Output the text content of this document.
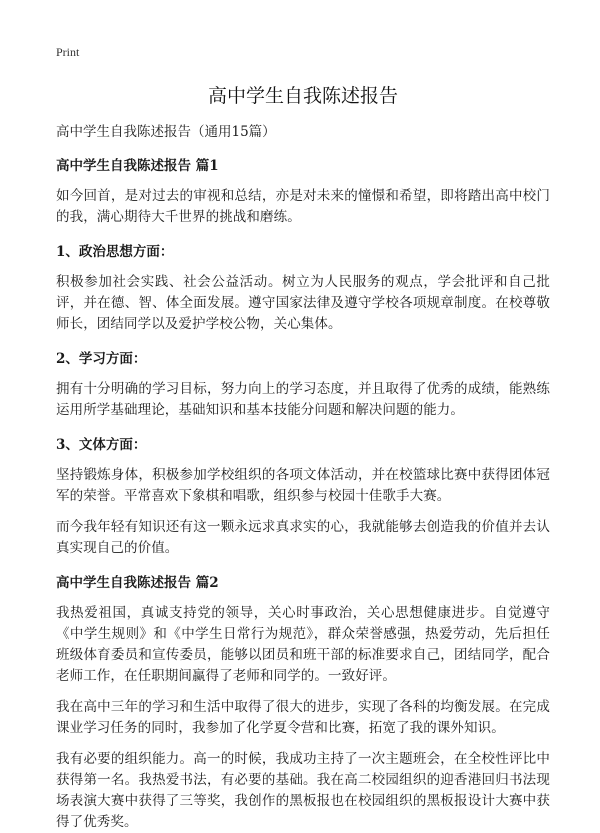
Print
高中学生自我陈述报告
高中学生自我陈述报告（通用15篇）
高中学生自我陈述报告 篇1

如今回首，是对过去的审视和总结，亦是对未来的憧憬和希望，即将踏出高中校门的我，满心期待大千世界的挑战和磨练。

1、政治思想方面：

积极参加社会实践、社会公益活动。树立为人民服务的观点，学会批评和自己批评，并在德、智、体全面发展。遵守国家法律及遵守学校各项规章制度。在校尊敬师长，团结同学以及爱护学校公物，关心集体。

2、学习方面：

拥有十分明确的学习目标，努力向上的学习态度，并且取得了优秀的成绩，能熟练运用所学基础理论，基础知识和基本技能分问题和解决问题的能力。

3、文体方面：

坚持锻炼身体，积极参加学校组织的各项文体活动，并在校篮球比赛中获得团体冠军的荣誉。平常喜欢下象棋和唱歌，组织参与校园十佳歌手大赛。

而今我年轻有知识还有这一颗永远求真求实的心，我就能够去创造我的价值并去认真实现自己的价值。

高中学生自我陈述报告 篇2

我热爱祖国，真诚支持党的领导，关心时事政治，关心思想健康进步。自觉遵守《中学生规则》和《中学生日常行为规范》，群众荣誉感强，热爱劳动，先后担任班级体育委员和宣传委员，能够以团员和班干部的标准要求自己，团结同学，配合老师工作，在任职期间赢得了老师和同学的。一致好评。

我在高中三年的学习和生活中取得了很大的进步，实现了各科的均衡发展。在完成课业学习任务的同时，我参加了化学夏令营和比赛，拓宽了我的课外知识。

我有必要的组织能力。高一的时候，我成功主持了一次主题班会，在全校性评比中获得第一名。我热爱书法，有必要的基础。我在高二校园组织的迎香港回归书法现场表演大赛中获得了三等奖，我创作的黑板报也在校园组织的黑板报设计大赛中获得了优秀奖。
